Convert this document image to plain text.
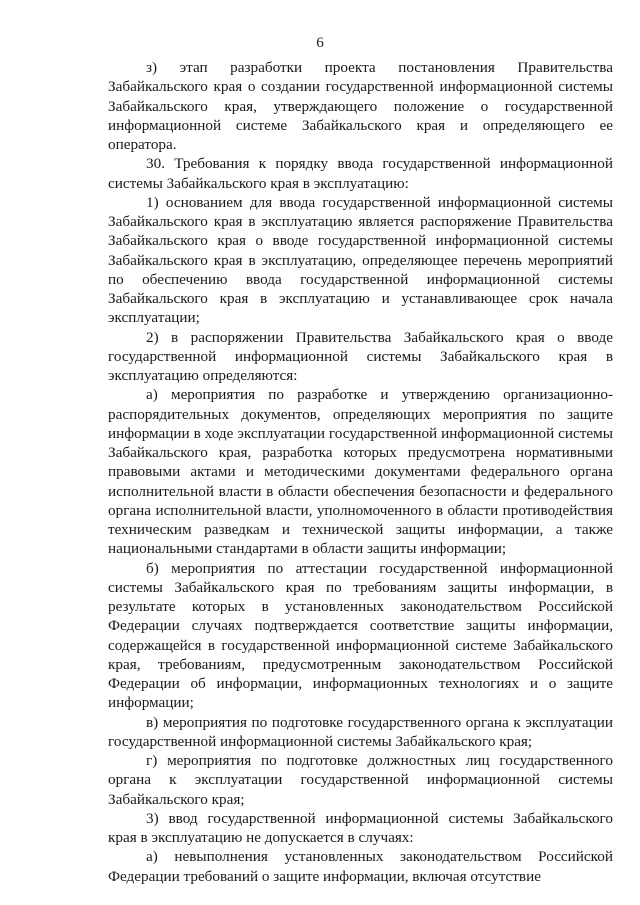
6

з) этап разработки проекта постановления Правительства Забайкальского края о создании государственной информационной системы Забайкальского края, утверждающего положение о государственной информационной системе Забайкальского края и определяющего ее оператора.

30. Требования к порядку ввода государственной информационной системы Забайкальского края в эксплуатацию:

1) основанием для ввода государственной информационной системы Забайкальского края в эксплуатацию является распоряжение Правительства Забайкальского края о вводе государственной информационной системы Забайкальского края в эксплуатацию, определяющее перечень мероприятий по обеспечению ввода государственной информационной системы Забайкальского края в эксплуатацию и устанавливающее срок начала эксплуатации;

2) в распоряжении Правительства Забайкальского края о вводе государственной информационной системы Забайкальского края в эксплуатацию определяются:

а) мероприятия по разработке и утверждению организационно-распорядительных документов, определяющих мероприятия по защите информации в ходе эксплуатации государственной информационной системы Забайкальского края, разработка которых предусмотрена нормативными правовыми актами и методическими документами федерального органа исполнительной власти в области обеспечения безопасности и федерального органа исполнительной власти, уполномоченного в области противодействия техническим разведкам и технической защиты информации, а также национальными стандартами в области защиты информации;

б) мероприятия по аттестации государственной информационной системы Забайкальского края по требованиям защиты информации, в результате которых в установленных законодательством Российской Федерации случаях подтверждается соответствие защиты информации, содержащейся в государственной информационной системе Забайкальского края, требованиям, предусмотренным законодательством Российской Федерации об информации, информационных технологиях и о защите информации;

в) мероприятия по подготовке государственного органа к эксплуатации государственной информационной системы Забайкальского края;

г) мероприятия по подготовке должностных лиц государственного органа к эксплуатации государственной информационной системы Забайкальского края;

3) ввод государственной информационной системы Забайкальского края в эксплуатацию не допускается в случаях:

а) невыполнения установленных законодательством Российской Федерации требований о защите информации, включая отсутствие
